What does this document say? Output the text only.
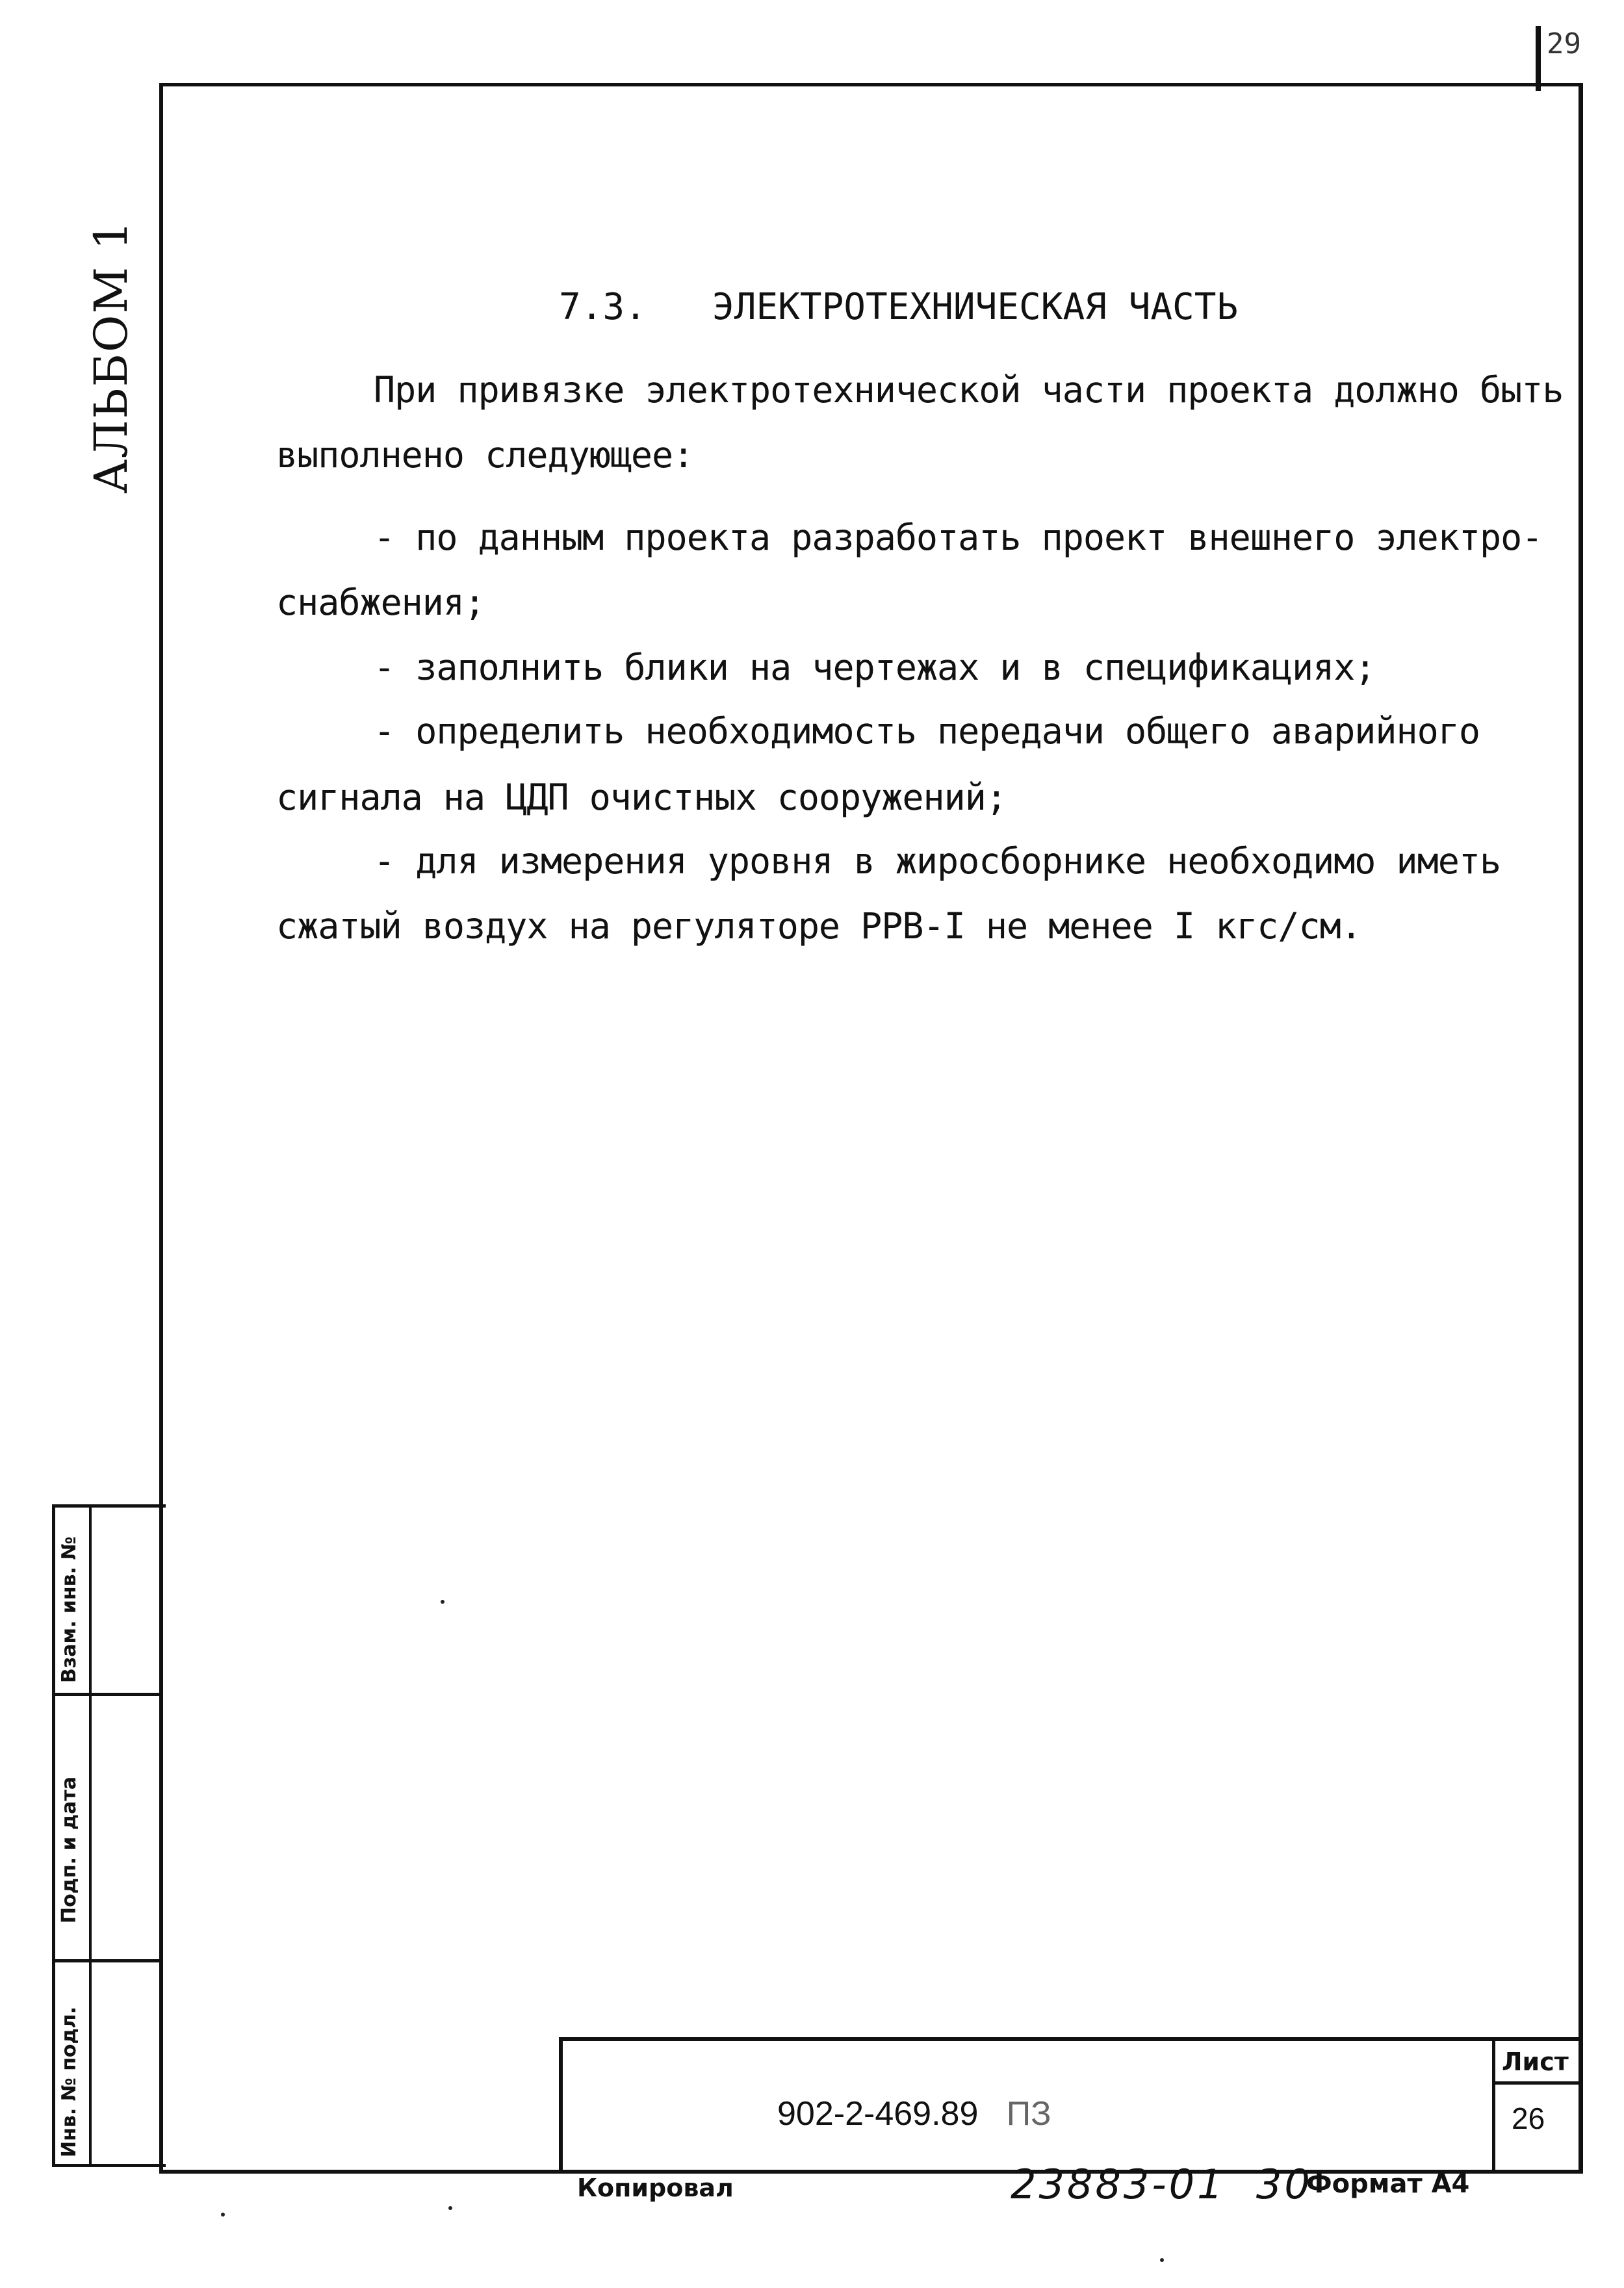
29
АЛЬБОМ 1	7.3. ЭЛЕКТРОТЕХНИЧЕСКАЯ ЧАСТЬ
При привязке электротехнической части проекта должно быть
выполнено следующее:
- по данным проекта разработать проект внешнего электро-
снабжения;
- заполнить блики на чертежах и в спецификациях;
- определить необходимость передачи общего аварийного
сигнала на ЦДП очистных сооружений;
- для измерения уровня в жиросборнике необходимо иметь
сжатый воздух на регуляторе РРВ-I не менее I кгс/см.
Взам. инв. №
Подп. и дата
Инв. № подл.	902-2-469.89 ПЗ
Лист
26
Копировал	23883-01 30
Формат А4
